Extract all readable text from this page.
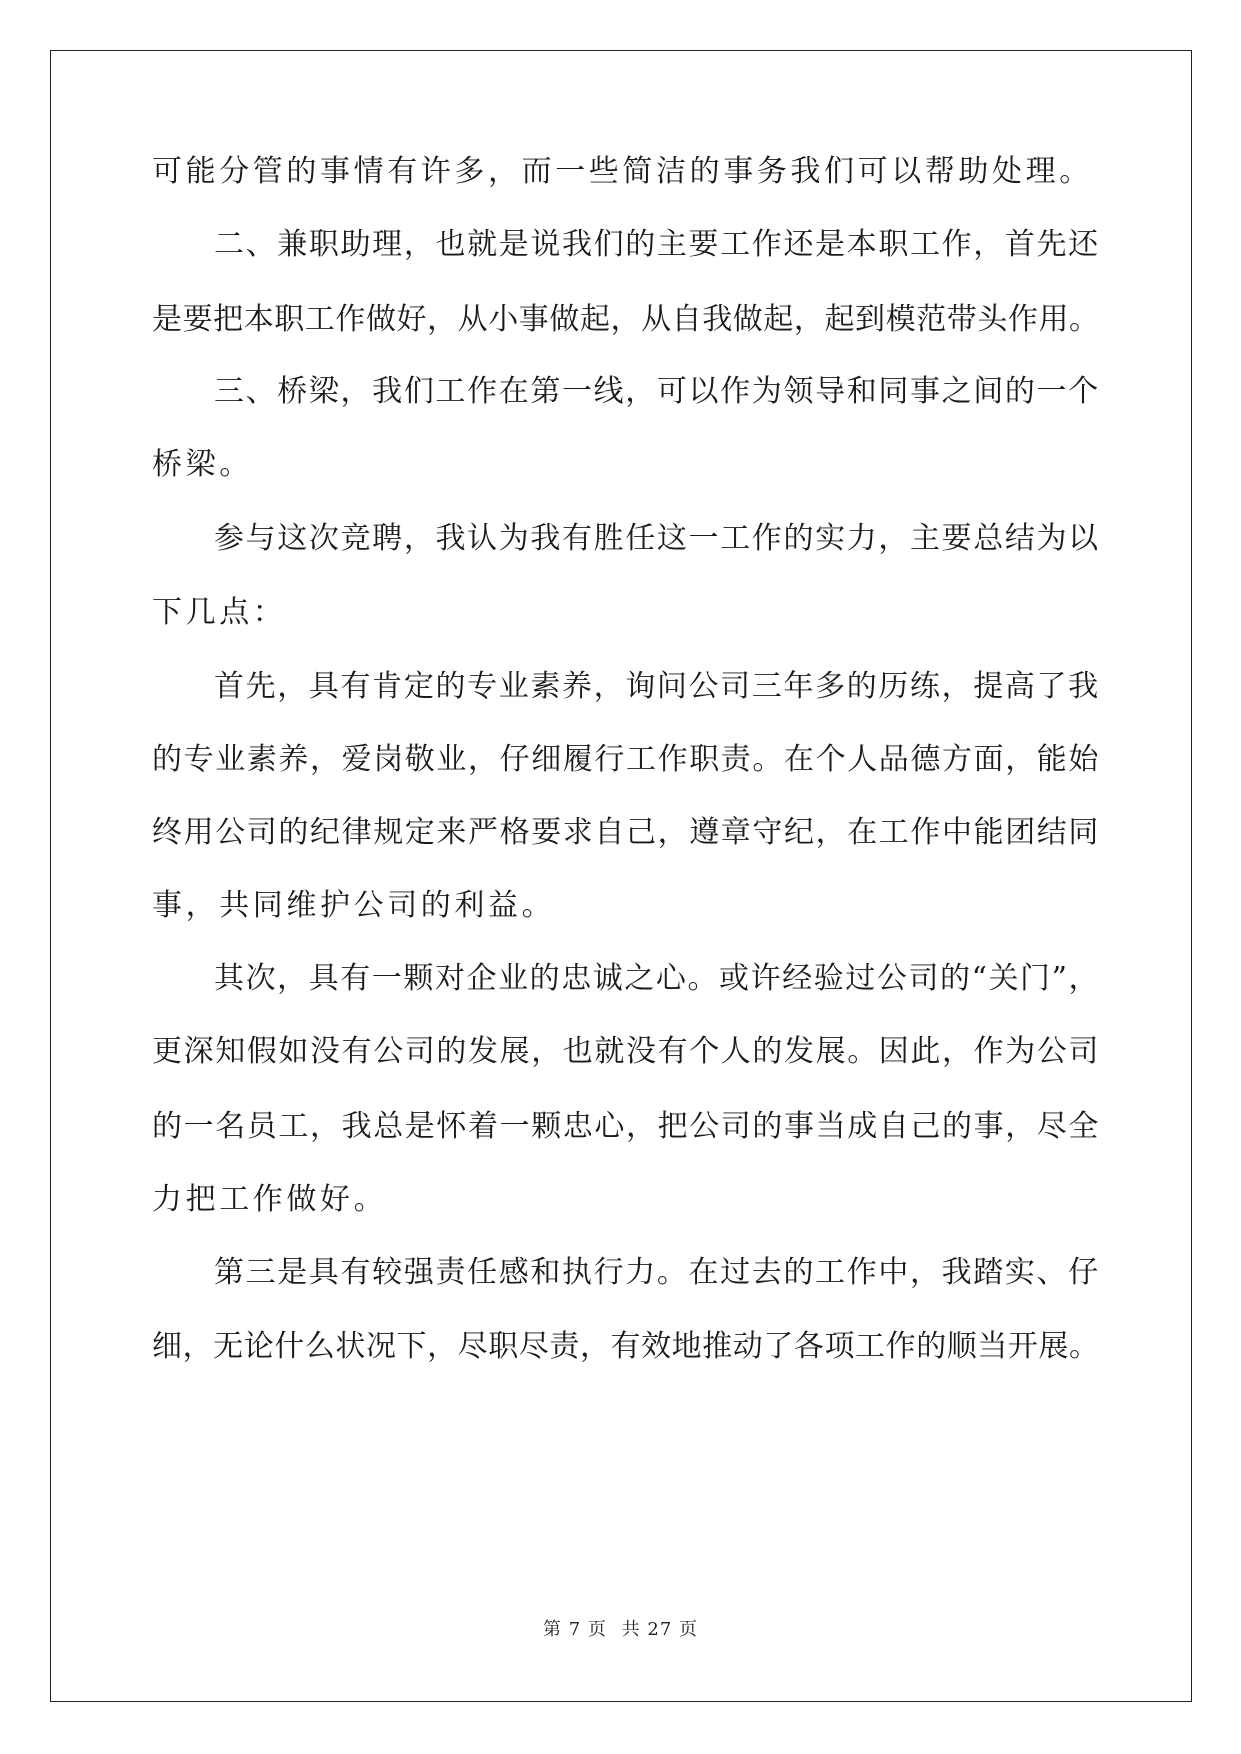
可能分管的事情有许多，而一些简洁的事务我们可以帮助处理。
二、兼职助理，也就是说我们的主要工作还是本职工作，首先还
是要把本职工作做好，从小事做起，从自我做起，起到模范带头作用。
三、桥梁，我们工作在第一线，可以作为领导和同事之间的一个
桥梁。
参与这次竞聘，我认为我有胜任这一工作的实力，主要总结为以
下几点：
首先，具有肯定的专业素养，询问公司三年多的历练，提高了我
的专业素养，爱岗敬业，仔细履行工作职责。在个人品德方面，能始
终用公司的纪律规定来严格要求自己，遵章守纪，在工作中能团结同
事，共同维护公司的利益。
其次，具有一颗对企业的忠诚之心。或许经验过公司的“关门”，
更深知假如没有公司的发展，也就没有个人的发展。因此，作为公司
的一名员工，我总是怀着一颗忠心，把公司的事当成自己的事，尽全
力把工作做好。
第三是具有较强责任感和执行力。在过去的工作中，我踏实、仔
细，无论什么状况下，尽职尽责，有效地推动了各项工作的顺当开展。
第 7 页 共 27 页
